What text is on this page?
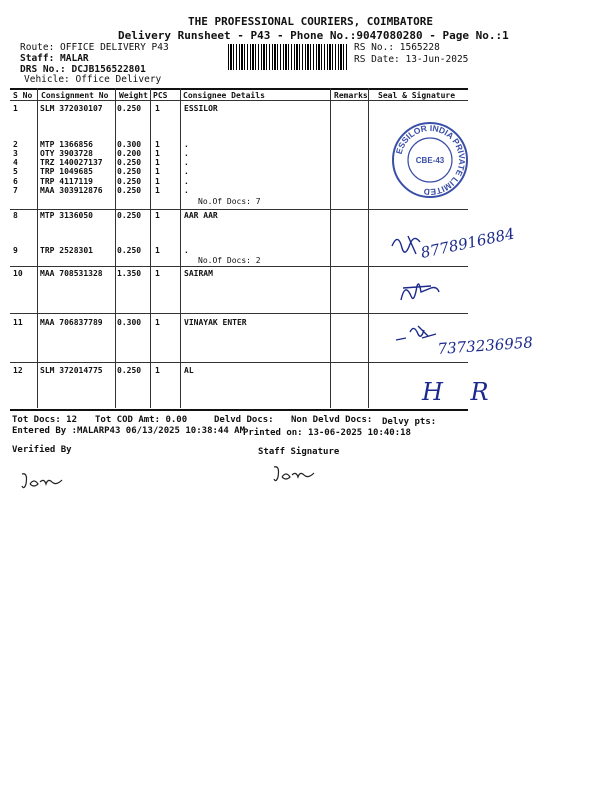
THE PROFESSIONAL COURIERS, COIMBATORE
Delivery Runsheet - P43 - Phone No.:9047080280 - Page No.:1
Route: OFFICE DELIVERY P43
Staff: MALAR
DRS No.: DCJB156522801
Vehicle: Office Delivery
RS No.: 1565228
RS Date: 13-Jun-2025
S No Consignment No Weight PCS Consignee Details	Remarks Seal & Signature
1	SLM 372030107 0.250 1	ESSILOR
2	MTP 1366856	0.300 1	.
3	OTY 3903728	0.200 1	.
4	TRZ 140027137 0.250 1	.
5	TRP 1049685	0.250 1	.
6	TRP 4117119	0.250 1	.
7	MAA 303912876 0.250 1	.
No.Of Docs: 7
8	MTP 3136050	0.250 1	AAR AAR
9	TRP 2528301	0.250 1	.
No.Of Docs: 2
10 MAA 708531328 1.350 1	SAIRAM
11 MAA 706837789 0.300 1	VINAYAK ENTER
12 SLM 372014775 0.250 1	AL
ESSILOR INDIA PRIVATE LIMITED
CBE-43
8778916884
7373236958
H R
Tot Docs: 12 Tot COD Amt: 0.00	Delvd Docs: Non Delvd Docs: Delvy pts:
Entered By :MALARP43 06/13/2025 10:38:44 AM
Printed on: 13-06-2025 10:40:18
Verified By	Staff Signature
